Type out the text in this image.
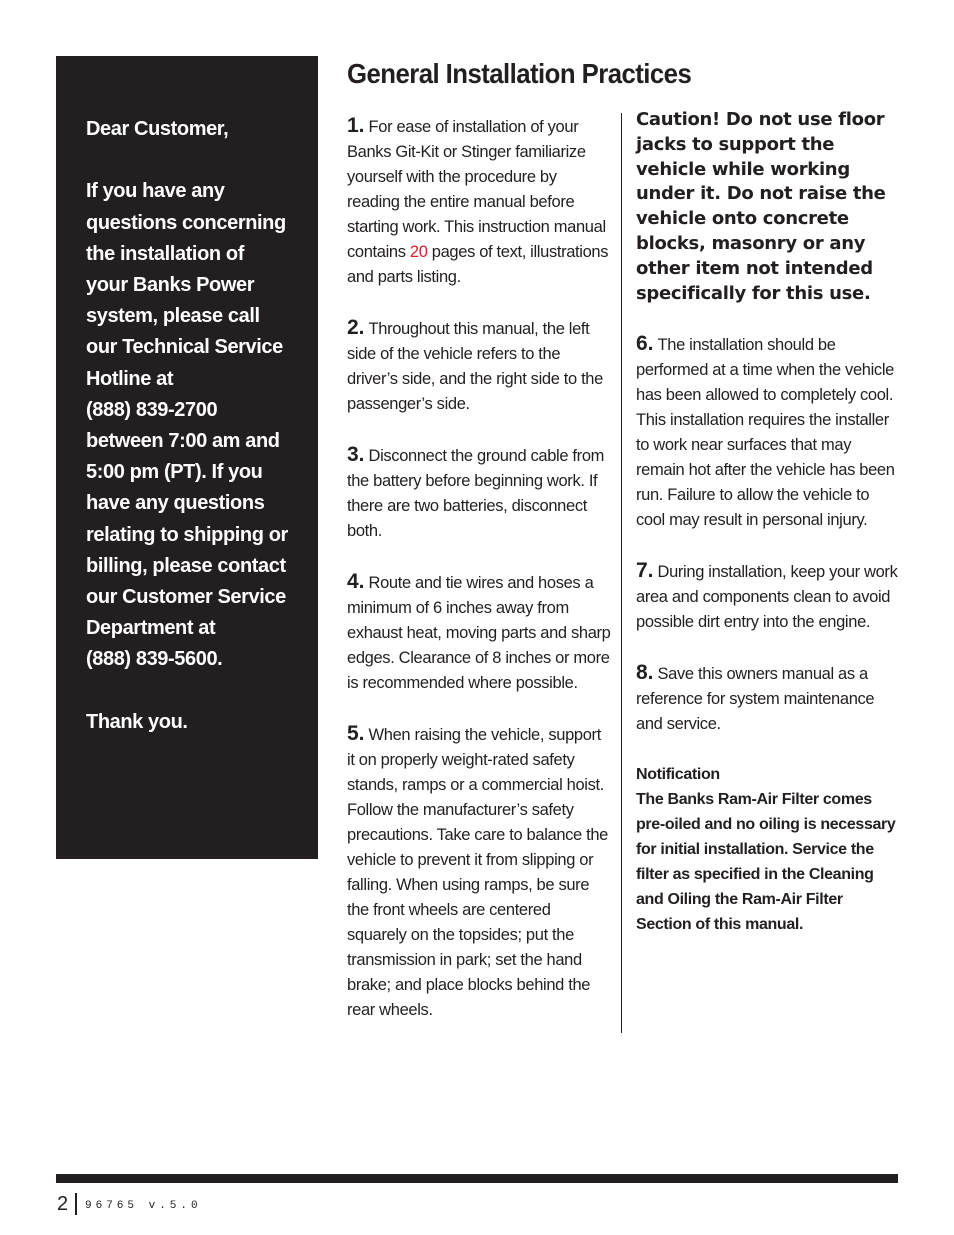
Dear Customer,

If you have any

questions concerning

the installation of

your Banks Power

system, please call

our Technical Service

Hotline at

(888) 839-2700

between 7:00 am and

5:00 pm (PT). If you

have any questions

relating to shipping or

billing, please contact

our Customer Service

Department at

(888) 839-5600.

Thank you.

General Installation Practices

1. For ease of installation of your Banks Git-Kit or Stinger familiarize yourself with the procedure by reading the entire manual before starting work. This instruction manual contains 20 pages of text, illustrations and parts listing.

2. Throughout this manual, the left side of the vehicle refers to the driver’s side, and the right side to the passenger’s side.

3. Disconnect the ground cable from the battery before beginning work. If there are two batteries, disconnect both.

4. Route and tie wires and hoses a minimum of 6 inches away from exhaust heat, moving parts and sharp edges. Clearance of 8 inches or more is recommended where possible.

5. When raising the vehicle, support it on properly weight-rated safety stands, ramps or a commercial hoist. Follow the manufacturer’s safety precautions. Take care to balance the vehicle to prevent it from slipping or falling. When using ramps, be sure the front wheels are centered squarely on the topsides; put the transmission in park; set the hand brake; and place blocks behind the rear wheels.

Caution! Do not use floor jacks to support the vehicle while working under it. Do not raise the vehicle onto concrete blocks, masonry or any other item not intended specifically for this use.

6. The installation should be performed at a time when the vehicle has been allowed to completely cool. This installation requires the installer to work near surfaces that may remain hot after the vehicle has been run. Failure to allow the vehicle to cool may result in personal injury.

7. During installation, keep your work area and components clean to avoid possible dirt entry into the engine.

8. Save this owners manual as a reference for system maintenance and service.

Notification

The Banks Ram-Air Filter comes pre-oiled and no oiling is necessary for initial installation. Service the filter as specified in the Cleaning and Oiling the Ram-Air Filter Section of this manual.

2 96765 v.5.0
